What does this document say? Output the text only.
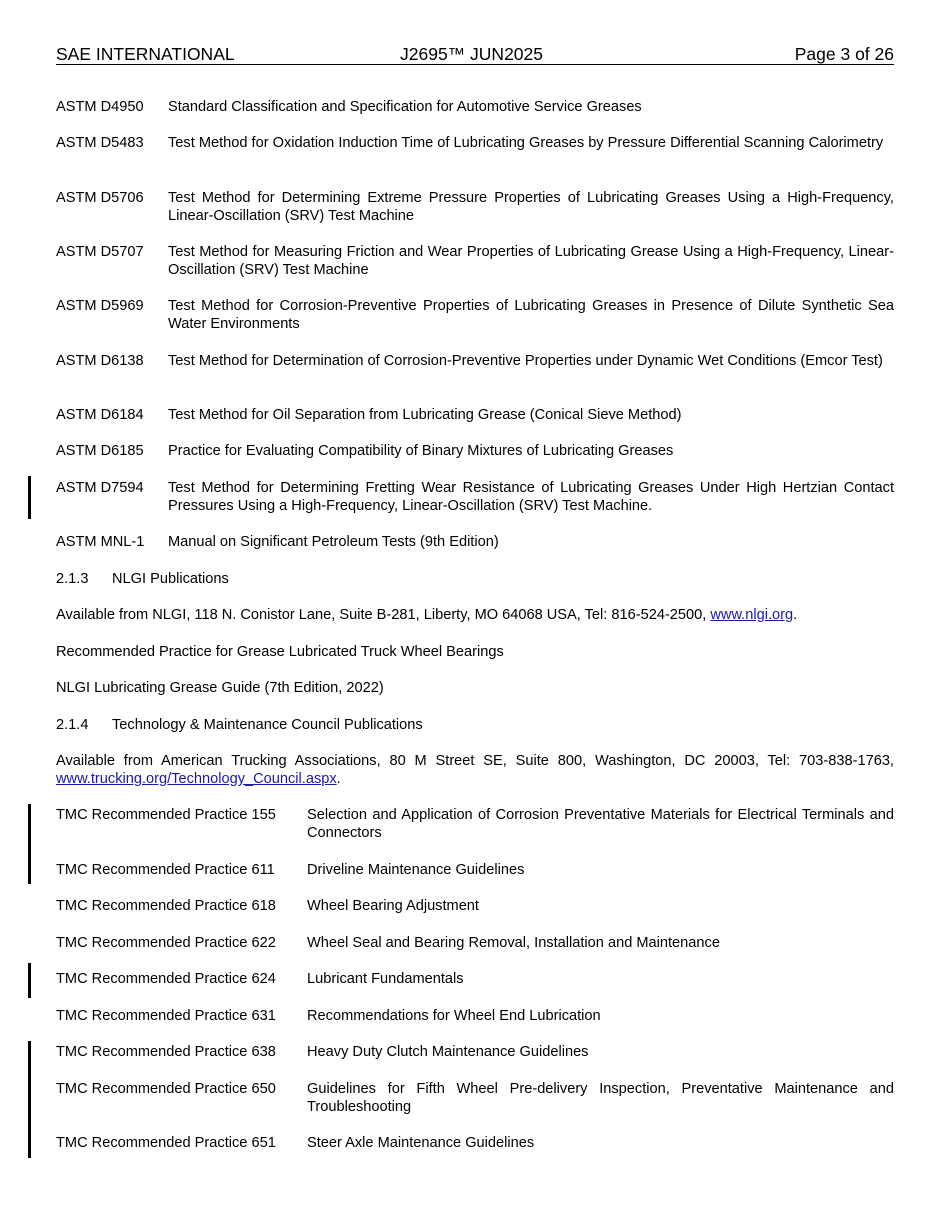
SAE INTERNATIONAL	J2695™ JUN2025	Page 3 of 26
ASTM D4950 Standard Classification and Specification for Automotive Service Greases
ASTM D5483 Test Method for Oxidation Induction Time of Lubricating Greases by Pressure Differential Scanning Calorimetry
ASTM D5706 Test Method for Determining Extreme Pressure Properties of Lubricating Greases Using a High-Frequency, Linear-Oscillation (SRV) Test Machine
ASTM D5707 Test Method for Measuring Friction and Wear Properties of Lubricating Grease Using a High-Frequency, Linear-Oscillation (SRV) Test Machine
ASTM D5969 Test Method for Corrosion-Preventive Properties of Lubricating Greases in Presence of Dilute Synthetic Sea Water Environments
ASTM D6138 Test Method for Determination of Corrosion-Preventive Properties under Dynamic Wet Conditions (Emcor Test)
ASTM D6184 Test Method for Oil Separation from Lubricating Grease (Conical Sieve Method)
ASTM D6185 Practice for Evaluating Compatibility of Binary Mixtures of Lubricating Greases
ASTM D7594 Test Method for Determining Fretting Wear Resistance of Lubricating Greases Under High Hertzian Contact Pressures Using a High-Frequency, Linear-Oscillation (SRV) Test Machine.
ASTM MNL-1 Manual on Significant Petroleum Tests (9th Edition)
2.1.3 NLGI Publications
Available from NLGI, 118 N. Conistor Lane, Suite B-281, Liberty, MO 64068 USA, Tel: 816-524-2500, www.nlgi.org.
Recommended Practice for Grease Lubricated Truck Wheel Bearings
NLGI Lubricating Grease Guide (7th Edition, 2022)
2.1.4 Technology & Maintenance Council Publications
Available from American Trucking Associations, 80 M Street SE, Suite 800, Washington, DC 20003, Tel: 703-838-1763, www.trucking.org/Technology_Council.aspx.
TMC Recommended Practice 155 Selection and Application of Corrosion Preventative Materials for Electrical Terminals and Connectors
TMC Recommended Practice 611 Driveline Maintenance Guidelines
TMC Recommended Practice 618 Wheel Bearing Adjustment
TMC Recommended Practice 622 Wheel Seal and Bearing Removal, Installation and Maintenance
TMC Recommended Practice 624 Lubricant Fundamentals
TMC Recommended Practice 631 Recommendations for Wheel End Lubrication
TMC Recommended Practice 638 Heavy Duty Clutch Maintenance Guidelines
TMC Recommended Practice 650 Guidelines for Fifth Wheel Pre-delivery Inspection, Preventative Maintenance and Troubleshooting
TMC Recommended Practice 651 Steer Axle Maintenance Guidelines
